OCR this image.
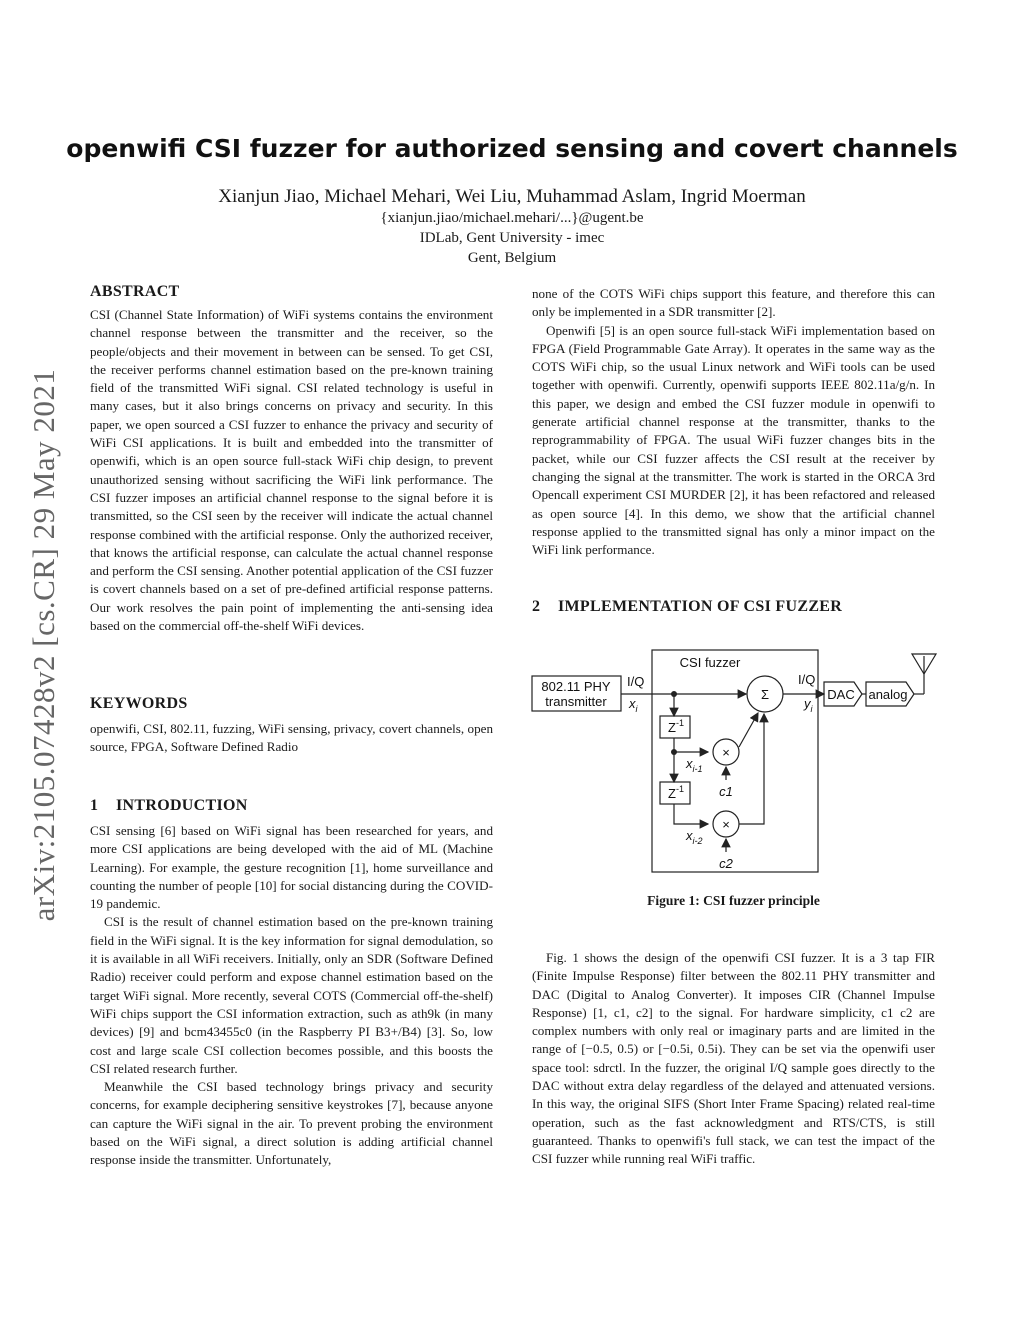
arXiv:2105.07428v2 [cs.CR] 29 May 2021
openwifi CSI fuzzer for authorized sensing and covert channels
Xianjun Jiao, Michael Mehari, Wei Liu, Muhammad Aslam, Ingrid Moerman
{xianjun.jiao/michael.mehari/...}@ugent.be
IDLab, Gent University - imec
Gent, Belgium
ABSTRACT

CSI (Channel State Information) of WiFi systems contains the environment channel response between the transmitter and the receiver, so the people/objects and their movement in between can be sensed. To get CSI, the receiver performs channel estimation based on the pre-known training field of the transmitted WiFi signal. CSI related technology is useful in many cases, but it also brings concerns on privacy and security. In this paper, we open sourced a CSI fuzzer to enhance the privacy and security of WiFi CSI applications. It is built and embedded into the transmitter of openwifi, which is an open source full-stack WiFi chip design, to prevent unauthorized sensing without sacrificing the WiFi link performance. The CSI fuzzer imposes an artificial channel response to the signal before it is transmitted, so the CSI seen by the receiver will indicate the actual channel response combined with the artificial response. Only the authorized receiver, that knows the artificial response, can calculate the actual channel response and perform the CSI sensing. Another potential application of the CSI fuzzer is covert channels based on a set of pre-defined artificial response patterns. Our work resolves the pain point of implementing the anti-sensing idea based on the commercial off-the-shelf WiFi devices.

KEYWORDS

openwifi, CSI, 802.11, fuzzing, WiFi sensing, privacy, covert channels, open source, FPGA, Software Defined Radio

1 INTRODUCTION

CSI sensing [6] based on WiFi signal has been researched for years, and more CSI applications are being developed with the aid of ML (Machine Learning). For example, the gesture recognition [1], home surveillance and counting the number of people [10] for social distancing during the COVID-19 pandemic.

CSI is the result of channel estimation based on the pre-known training field in the WiFi signal. It is the key information for signal demodulation, so it is available in all WiFi receivers. Initially, only an SDR (Software Defined Radio) receiver could perform and expose channel estimation based on the target WiFi signal. More recently, several COTS (Commercial off-the-shelf) WiFi chips support the CSI information extraction, such as ath9k (in many devices) [9] and bcm43455c0 (in the Raspberry PI B3+/B4) [3]. So, low cost and large scale CSI collection becomes possible, and this boosts the CSI related research further.

Meanwhile the CSI based technology brings privacy and security concerns, for example deciphering sensitive keystrokes [7], because anyone can capture the WiFi signal in the air. To prevent probing the environment based on the WiFi signal, a direct solution is adding artificial channel response inside the transmitter. Unfortunately,

none of the COTS WiFi chips support this feature, and therefore this can only be implemented in a SDR transmitter [2].

Openwifi [5] is an open source full-stack WiFi implementation based on FPGA (Field Programmable Gate Array). It operates in the same way as the COTS WiFi chip, so the usual Linux network and WiFi tools can be used together with openwifi. Currently, openwifi supports IEEE 802.11a/g/n. In this paper, we design and embed the CSI fuzzer module in openwifi to generate artificial channel response at the transmitter, thanks to the reprogrammability of FPGA. The usual WiFi fuzzer changes bits in the packet, while our CSI fuzzer affects the CSI result at the receiver by changing the signal at the transmitter. The work is started in the ORCA 3rd Opencall experiment CSI MURDER [2], it has been refactored and released as open source [4]. In this demo, we show that the artificial channel response applied to the transmitted signal has only a minor impact on the WiFi link performance.

2 IMPLEMENTATION OF CSI FUZZER
CSI fuzzer
802.11 PHY
transmitter
I/Q
$x_i$
Σ
I/Q
$y_i$
DAC analog
$Z^{-1}$
$x_{i-1}$
×
c1
$Z^{-1}$
$x_{i-2}$
×
c2
Figure 1: CSI fuzzer principle

Fig. 1 shows the design of the openwifi CSI fuzzer. It is a 3 tap FIR (Finite Impulse Response) filter between the 802.11 PHY transmitter and DAC (Digital to Analog Converter). It imposes CIR (Channel Impulse Response) [1, c1, c2] to the signal. For hardware simplicity, c1 c2 are complex numbers with only real or imaginary parts and are limited in the range of [−0.5, 0.5) or [−0.5i, 0.5i). They can be set via the openwifi user space tool: sdrctl. In the fuzzer, the original I/Q sample goes directly to the DAC without extra delay regardless of the delayed and attenuated versions. In this way, the original SIFS (Short Inter Frame Spacing) related real-time operation, such as the fast acknowledgment and RTS/CTS, is still guaranteed. Thanks to openwifi's full stack, we can test the impact of the CSI fuzzer while running real WiFi traffic.
